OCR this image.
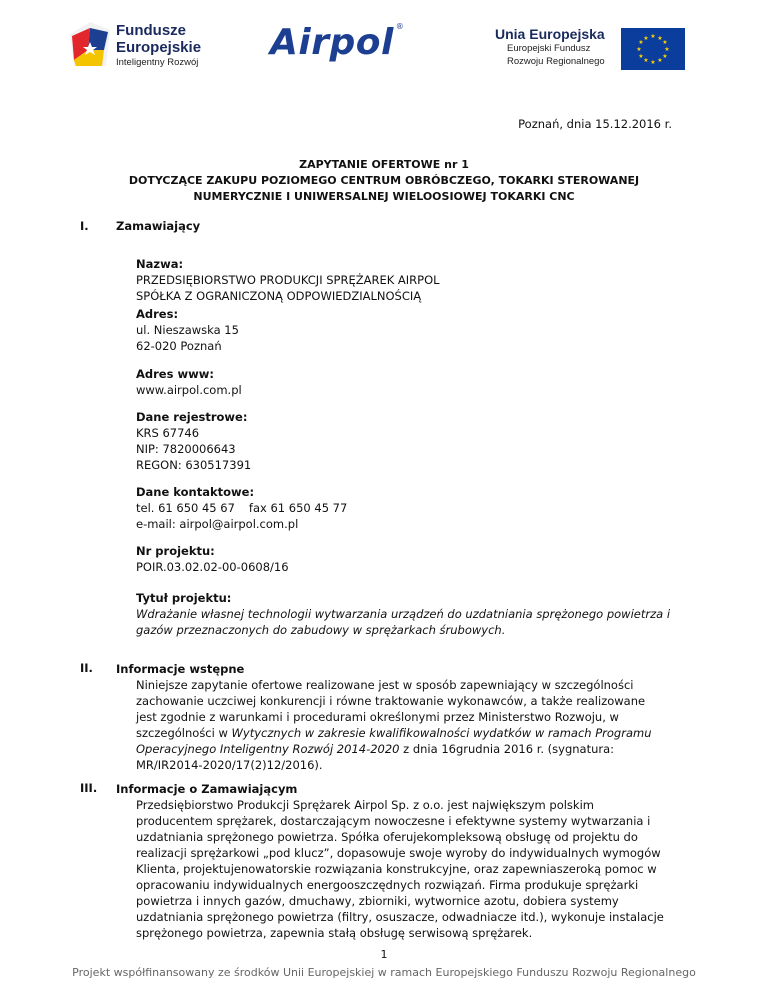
Fundusze
Europejskie
Inteligentny Rozwój Airpol ®	Unia Europejska
Europejski Fundusz
Rozwoju Regionalnego
★ ★
★
★
★
★
★
★
★
★
★
★
Poznań, dnia 15.12.2016 r.
ZAPYTANIE OFERTOWE nr 1
DOTYCZĄCE ZAKUPU POZIOMEGO CENTRUM OBRÓBCZEGO, TOKARKI STEROWANEJ
NUMERYCZNIE I UNIWERSALNEJ WIELOOSIOWEJ TOKARKI CNC
I. Zamawiający
Nazwa:
PRZEDSIĘBIORSTWO PRODUKCJI SPRĘŻAREK AIRPOL
SPÓŁKA Z OGRANICZONĄ ODPOWIEDZIALNOŚCIĄ
Adres:
ul. Nieszawska 15
62-020 Poznań
Adres www:
www.airpol.com.pl
Dane rejestrowe:
KRS 67746
NIP: 7820006643
REGON: 630517391
Dane kontaktowe:
tel. 61 650 45 67 fax 61 650 45 77
e-mail: airpol@airpol.com.pl
Nr projektu:
POIR.03.02.02-00-0608/16
Tytuł projektu:
Wdrażanie własnej technologii wytwarzania urządzeń do uzdatniania sprężonego powietrza i
gazów przeznaczonych do zabudowy w sprężarkach śrubowych.
II. Informacje wstępne
Niniejsze zapytanie ofertowe realizowane jest w sposób zapewniający w szczególności
zachowanie uczciwej konkurencji i równe traktowanie wykonawców, a także realizowane
jest zgodnie z warunkami i procedurami określonymi przez Ministerstwo Rozwoju, w
szczególności w Wytycznych w zakresie kwalifikowalności wydatków w ramach Programu
Operacyjnego Inteligentny Rozwój 2014-2020 z dnia 16grudnia 2016 r. (sygnatura:
MR/IR2014-2020/17(2)12/2016).
III. Informacje o Zamawiającym
Przedsiębiorstwo Produkcji Sprężarek Airpol Sp. z o.o. jest największym polskim
producentem sprężarek, dostarczającym nowoczesne i efektywne systemy wytwarzania i
uzdatniania sprężonego powietrza. Spółka oferujekompleksową obsługę od projektu do
realizacji sprężarkowi „pod klucz”, dopasowuje swoje wyroby do indywidualnych wymogów
Klienta, projektujenowatorskie rozwiązania konstrukcyjne, oraz zapewniaszeroką pomoc w
opracowaniu indywidualnych energooszczędnych rozwiązań. Firma produkuje sprężarki
powietrza i innych gazów, dmuchawy, zbiorniki, wytwornice azotu, dobiera systemy
uzdatniania sprężonego powietrza (filtry, osuszacze, odwadniacze itd.), wykonuje instalacje
sprężonego powietrza, zapewnia stałą obsługę serwisową sprężarek.
1
Projekt współfinansowany ze środków Unii Europejskiej w ramach Europejskiego Funduszu Rozwoju Regionalnego
